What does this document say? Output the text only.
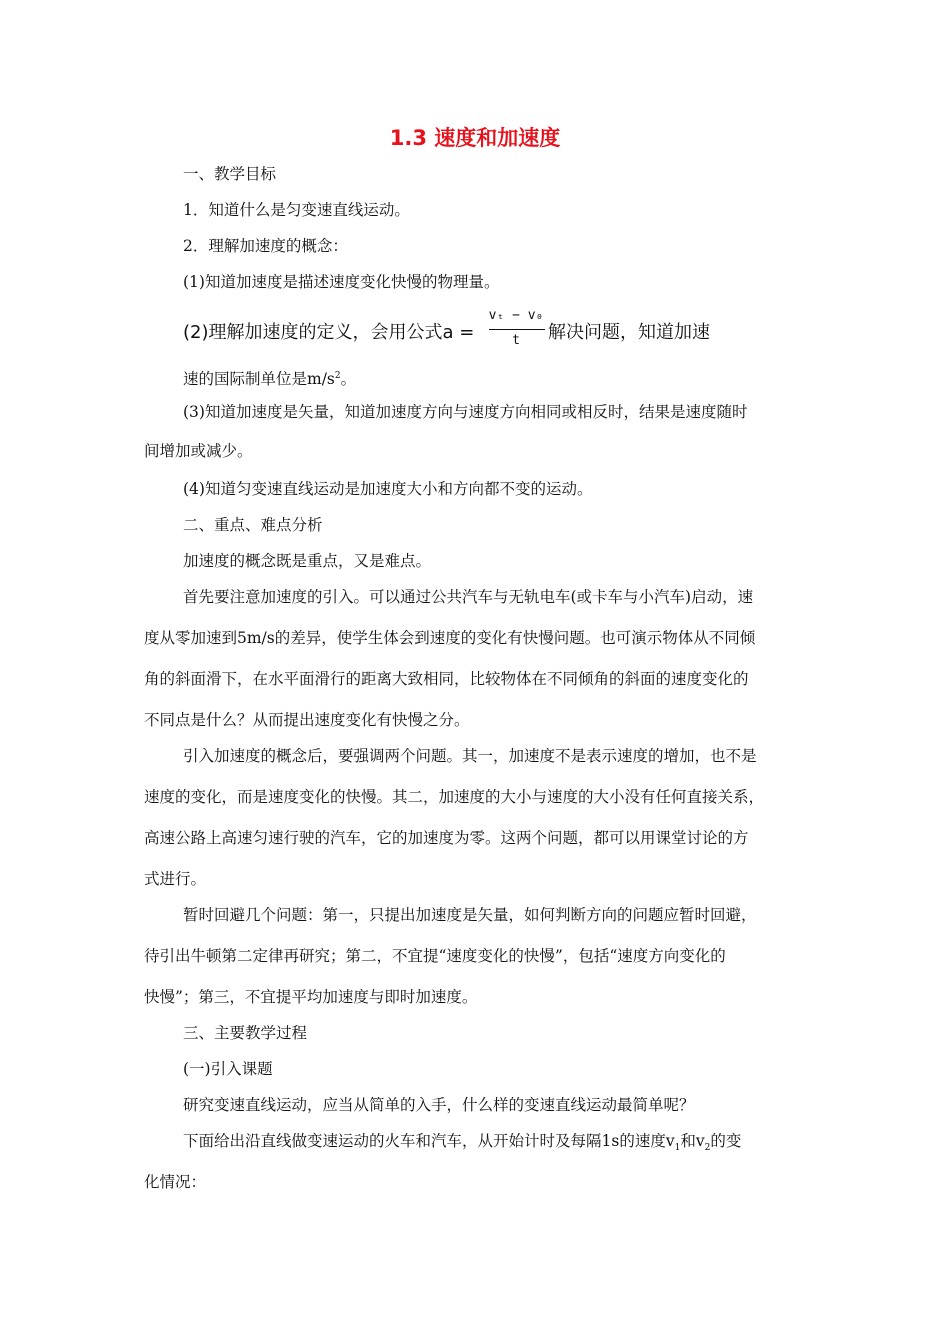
1.3 速度和加速度
一、教学目标
1．知道什么是匀变速直线运动。
2．理解加速度的概念：
(1)知道加速度是描述速度变化快慢的物理量。
(2)理解加速度的定义，会用公式a =
vₜ − v₀
t	解决问题，知道加速
速的国际制单位是$m/s^2$。
(3)知道加速度是矢量，知道加速度方向与速度方向相同或相反时，结果是速度随时
间增加或减少。
(4)知道匀变速直线运动是加速度大小和方向都不变的运动。
二、重点、难点分析
加速度的概念既是重点，又是难点。
首先要注意加速度的引入。可以通过公共汽车与无轨电车(或卡车与小汽车)启动，速
度从零加速到5m/s的差异，使学生体会到速度的变化有快慢问题。也可演示物体从不同倾
角的斜面滑下，在水平面滑行的距离大致相同，比较物体在不同倾角的斜面的速度变化的
不同点是什么？从而提出速度变化有快慢之分。
引入加速度的概念后，要强调两个问题。其一，加速度不是表示速度的增加，也不是
速度的变化，而是速度变化的快慢。其二，加速度的大小与速度的大小没有任何直接关系，
高速公路上高速匀速行驶的汽车，它的加速度为零。这两个问题，都可以用课堂讨论的方
式进行。
暂时回避几个问题：第一，只提出加速度是矢量，如何判断方向的问题应暂时回避，
待引出牛顿第二定律再研究；第二，不宜提“速度变化的快慢”，包括“速度方向变化的
快慢”；第三，不宜提平均加速度与即时加速度。
三、主要教学过程
(一)引入课题
研究变速直线运动，应当从简单的入手，什么样的变速直线运动最简单呢？
下面给出沿直线做变速运动的火车和汽车，从开始计时及每隔1s的速度$v_1$和$v_2$的变
化情况：
